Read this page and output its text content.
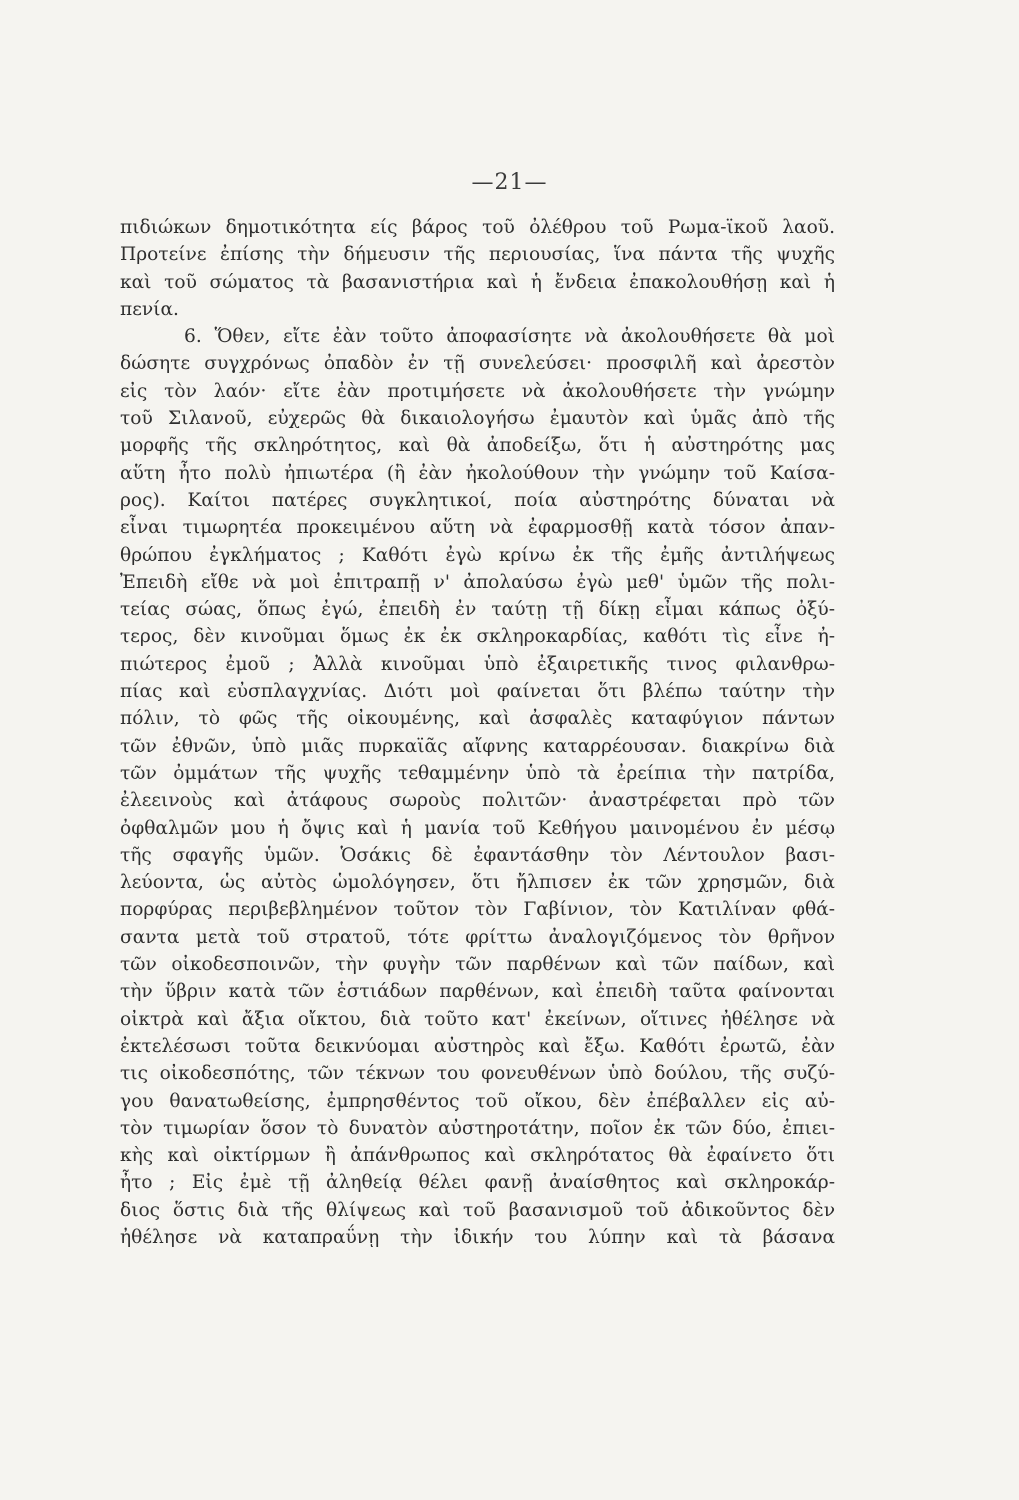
—21—
πιδιώκων δημοτικότητα είς βάρος τοῦ ὀλέθρου τοῦ Ρωμα-ϊκοῦ λαοῦ.
Προτείνε ἐπίσης τὴν δήμευσιν τῆς περιουσίας, ἵνα πάντα τῆς ψυχῆς
καὶ τοῦ σώματος τὰ βασανιστήρια καὶ ἡ ἔνδεια ἐπακολουθήσῃ καὶ ἡ
πενία.
6. Ὅθεν, εἴτε ἐὰν τοῦτο ἀποφασίσητε νὰ ἀκολουθήσετε θὰ μοὶ
δώσητε συγχρόνως ὀπαδὸν ἐν τῇ συνελεύσει· προσφιλῆ καὶ ἀρεστὸν
εἰς τὸν λαόν· εἴτε ἐὰν προτιμήσετε νὰ ἀκολουθήσετε τὴν γνώμην
τοῦ Σιλανοῦ, εὐχερῶς θὰ δικαιολογήσω ἐμαυτὸν καὶ ὑμᾶς ἀπὸ τῆς
μορφῆς τῆς σκληρότητος, καὶ θὰ ἀποδείξω, ὅτι ἡ αὐστηρότης μας
αὕτη ἦτο πολὺ ἠπιωτέρα (ἢ ἐὰν ἠκολούθουν τὴν γνώμην τοῦ Καίσα-
ρος). Καίτοι πατέρες συγκλητικοί, ποία αὐστηρότης δύναται νὰ
εἶναι τιμωρητέα προκειμένου αὕτη νὰ ἐφαρμοσθῇ κατὰ τόσον ἀπαν-
θρώπου ἐγκλήματος ; Καθότι ἐγὼ κρίνω ἐκ τῆς ἐμῆς ἀντιλήψεως
Ἐπειδὴ εἴθε νὰ μοὶ ἐπιτραπῇ ν' ἀπολαύσω ἐγὼ μεθ' ὑμῶν τῆς πολι-
τείας σώας, ὅπως ἐγώ, ἐπειδὴ ἐν ταύτῃ τῇ δίκῃ εἶμαι κάπως ὀξύ-
τερος, δὲν κινοῦμαι ὅμως ἐκ ἐκ σκληροκαρδίας, καθότι τὶς εἶνε ἠ-
πιώτερος ἐμοῦ ; Ἀλλὰ κινοῦμαι ὑπὸ ἐξαιρετικῆς τινος φιλανθρω-
πίας καὶ εὐσπλαγχνίας. Διότι μοὶ φαίνεται ὅτι βλέπω ταύτην τὴν
πόλιν, τὸ φῶς τῆς οἰκουμένης, καὶ ἀσφαλὲς καταφύγιον πάντων
τῶν ἐθνῶν, ὑπὸ μιᾶς πυρκαϊᾶς αἴφνης καταρρέουσαν. διακρίνω διὰ
τῶν ὀμμάτων τῆς ψυχῆς τεθαμμένην ὑπὸ τὰ ἐρείπια τὴν πατρίδα,
ἐλεεινοὺς καὶ ἀτάφους σωροὺς πολιτῶν· ἀναστρέφεται πρὸ τῶν
ὀφθαλμῶν μου ἡ ὄψις καὶ ἡ μανία τοῦ Κεθήγου μαινομένου ἐν μέσῳ
τῆς σφαγῆς ὑμῶν. Ὁσάκις δὲ ἐφαντάσθην τὸν Λέντουλον βασι-
λεύοντα, ὡς αὐτὸς ὡμολόγησεν, ὅτι ἤλπισεν ἐκ τῶν χρησμῶν, διὰ
πορφύρας περιβεβλημένον τοῦτον τὸν Γαβίνιον, τὸν Κατιλίναν φθά-
σαντα μετὰ τοῦ στρατοῦ, τότε φρίττω ἀναλογιζόμενος τὸν θρῆνον
τῶν οἰκοδεσποινῶν, τὴν φυγὴν τῶν παρθένων καὶ τῶν παίδων, καὶ
τὴν ὕβριν κατὰ τῶν ἑστιάδων παρθένων, καὶ ἐπειδὴ ταῦτα φαίνονται
οἰκτρὰ καὶ ἄξια οἴκτου, διὰ τοῦτο κατ' ἐκείνων, οἵτινες ἠθέλησε νὰ
ἐκτελέσωσι τοῦτα δεικνύομαι αὐστηρὸς καὶ ἔξω. Καθότι ἐρωτῶ, ἐὰν
τις οἰκοδεσπότης, τῶν τέκνων του φονευθένων ὑπὸ δούλου, τῆς συζύ-
γου θανατωθείσης, ἐμπρησθέντος τοῦ οἴκου, δὲν ἐπέβαλλεν εἰς αὐ-
τὸν τιμωρίαν ὅσον τὸ δυνατὸν αὐστηροτάτην, ποῖον ἐκ τῶν δύο, ἐπιει-
κὴς καὶ οἰκτίρμων ἢ ἀπάνθρωπος καὶ σκληρότατος θὰ ἐφαίνετο ὅτι
ἦτο ; Εἰς ἐμὲ τῇ ἀληθείᾳ θέλει φανῇ ἀναίσθητος καὶ σκληροκάρ-
διος ὅστις διὰ τῆς θλίψεως καὶ τοῦ βασανισμοῦ τοῦ ἀδικοῦντος δὲν
ἠθέλησε νὰ καταπραΰνῃ τὴν ἰδικήν του λύπην καὶ τὰ βάσανα
